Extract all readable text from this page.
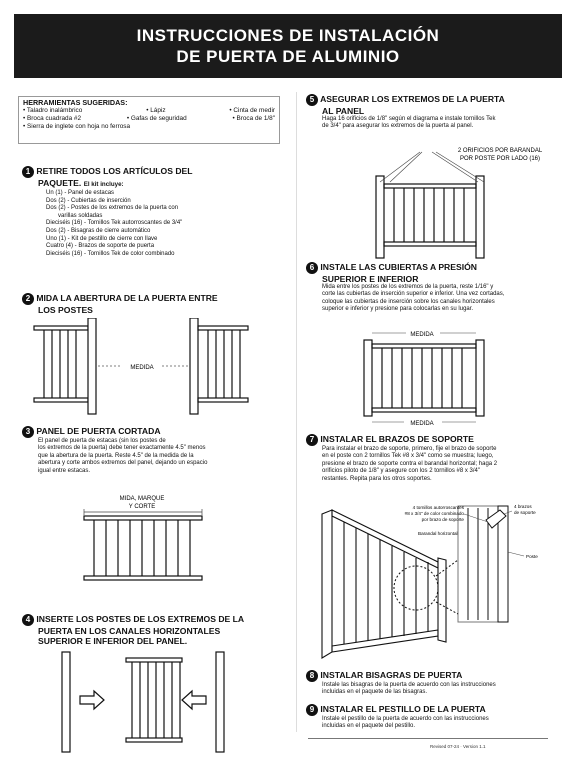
INSTRUCCIONES DE INSTALACIÓN
DE PUERTA DE ALUMINIO
HERRAMIENTAS SUGERIDAS:
• Taladro inalámbrico	• Lápiz	• Cinta de medir
• Broca cuadrada #2	• Gafas de seguridad	• Broca de 1/8"
• Sierra de inglete con hoja no ferrosa
1 RETIRE TODOS LOS ARTÍCULOS DEL
PAQUETE. El kit incluye:
Un (1) - Panel de estacas
Dos (2) - Cubiertas de inserción
Dos (2) - Postes de los extremos de la puerta con
varillas soldadas
Dieciséis (16) - Tornillos Tek autorroscantes de 3/4"
Dos (2) - Bisagras de cierre automático
Uno (1) - Kit de pestillo de cierre con llave
Cuatro (4) - Brazos de soporte de puerta
Dieciséis (16) - Tornillos Tek de color combinado
2 MIDA LA ABERTURA DE LA PUERTA ENTRE
LOS POSTES
MEDIDA
3 PANEL DE PUERTA CORTADA
El panel de puerta de estacas (sin los postes de
los extremos de la puerta) debe tener exactamente 4.5" menos
que la abertura de la puerta. Reste 4.5" de la medida de la
abertura y corte ambos extremos del panel, dejando un espacio
igual entre estacas.
MIDA, MARQUE
Y CORTE
4 INSERTE LOS POSTES DE LOS EXTREMOS DE LA
PUERTA EN LOS CANALES HORIZONTALES
SUPERIOR E INFERIOR DEL PANEL.
5 ASEGURAR LOS EXTREMOS DE LA PUERTA
AL PANEL
Haga 16 orificios de 1/8" según el diagrama e instale tornillos Tek
de 3/4" para asegurar los extremos de la puerta al panel.
2 ORIFICIOS POR BARANDAL
POR POSTE POR LADO (16)
6 INSTALE LAS CUBIERTAS A PRESIÓN
SUPERIOR E INFERIOR
Mida entre los postes de los extremos de la puerta, reste 1/16" y
corte las cubiertas de inserción superior e inferior. Una vez cortadas,
coloque las cubiertas de inserción sobre los canales horizontales
superior e inferior y presione para colocarlas en su lugar.
MEDIDA
MEDIDA
7 INSTALAR EL BRAZOS DE SOPORTE
Para instalar el brazo de soporte, primero, fije el brazo de soporte
en el poste con 2 tornillos Tek #8 x 3/4" como se muestra; luego,
presione el brazo de soporte contra el barandal horizontal; haga 2
orificios piloto de 1/8" y asegure con los 2 tornillos #8 x 3/4"
restantes. Repita para los otros soportes.
4 tornillos autorroscantes
#8 x 3/4" de color combinado
por brazo de soporte
Barandal horizontal
4 brazos
de soporte
Poste
8 INSTALAR BISAGRAS DE PUERTA
Instale las bisagras de la puerta de acuerdo con las instrucciones
incluidas en el paquete de las bisagras.
9 INSTALAR EL PESTILLO DE LA PUERTA
Instale el pestillo de la puerta de acuerdo con las instrucciones
incluidas en el paquete del pestillo.
Revised 07-24 · Version 1.1
